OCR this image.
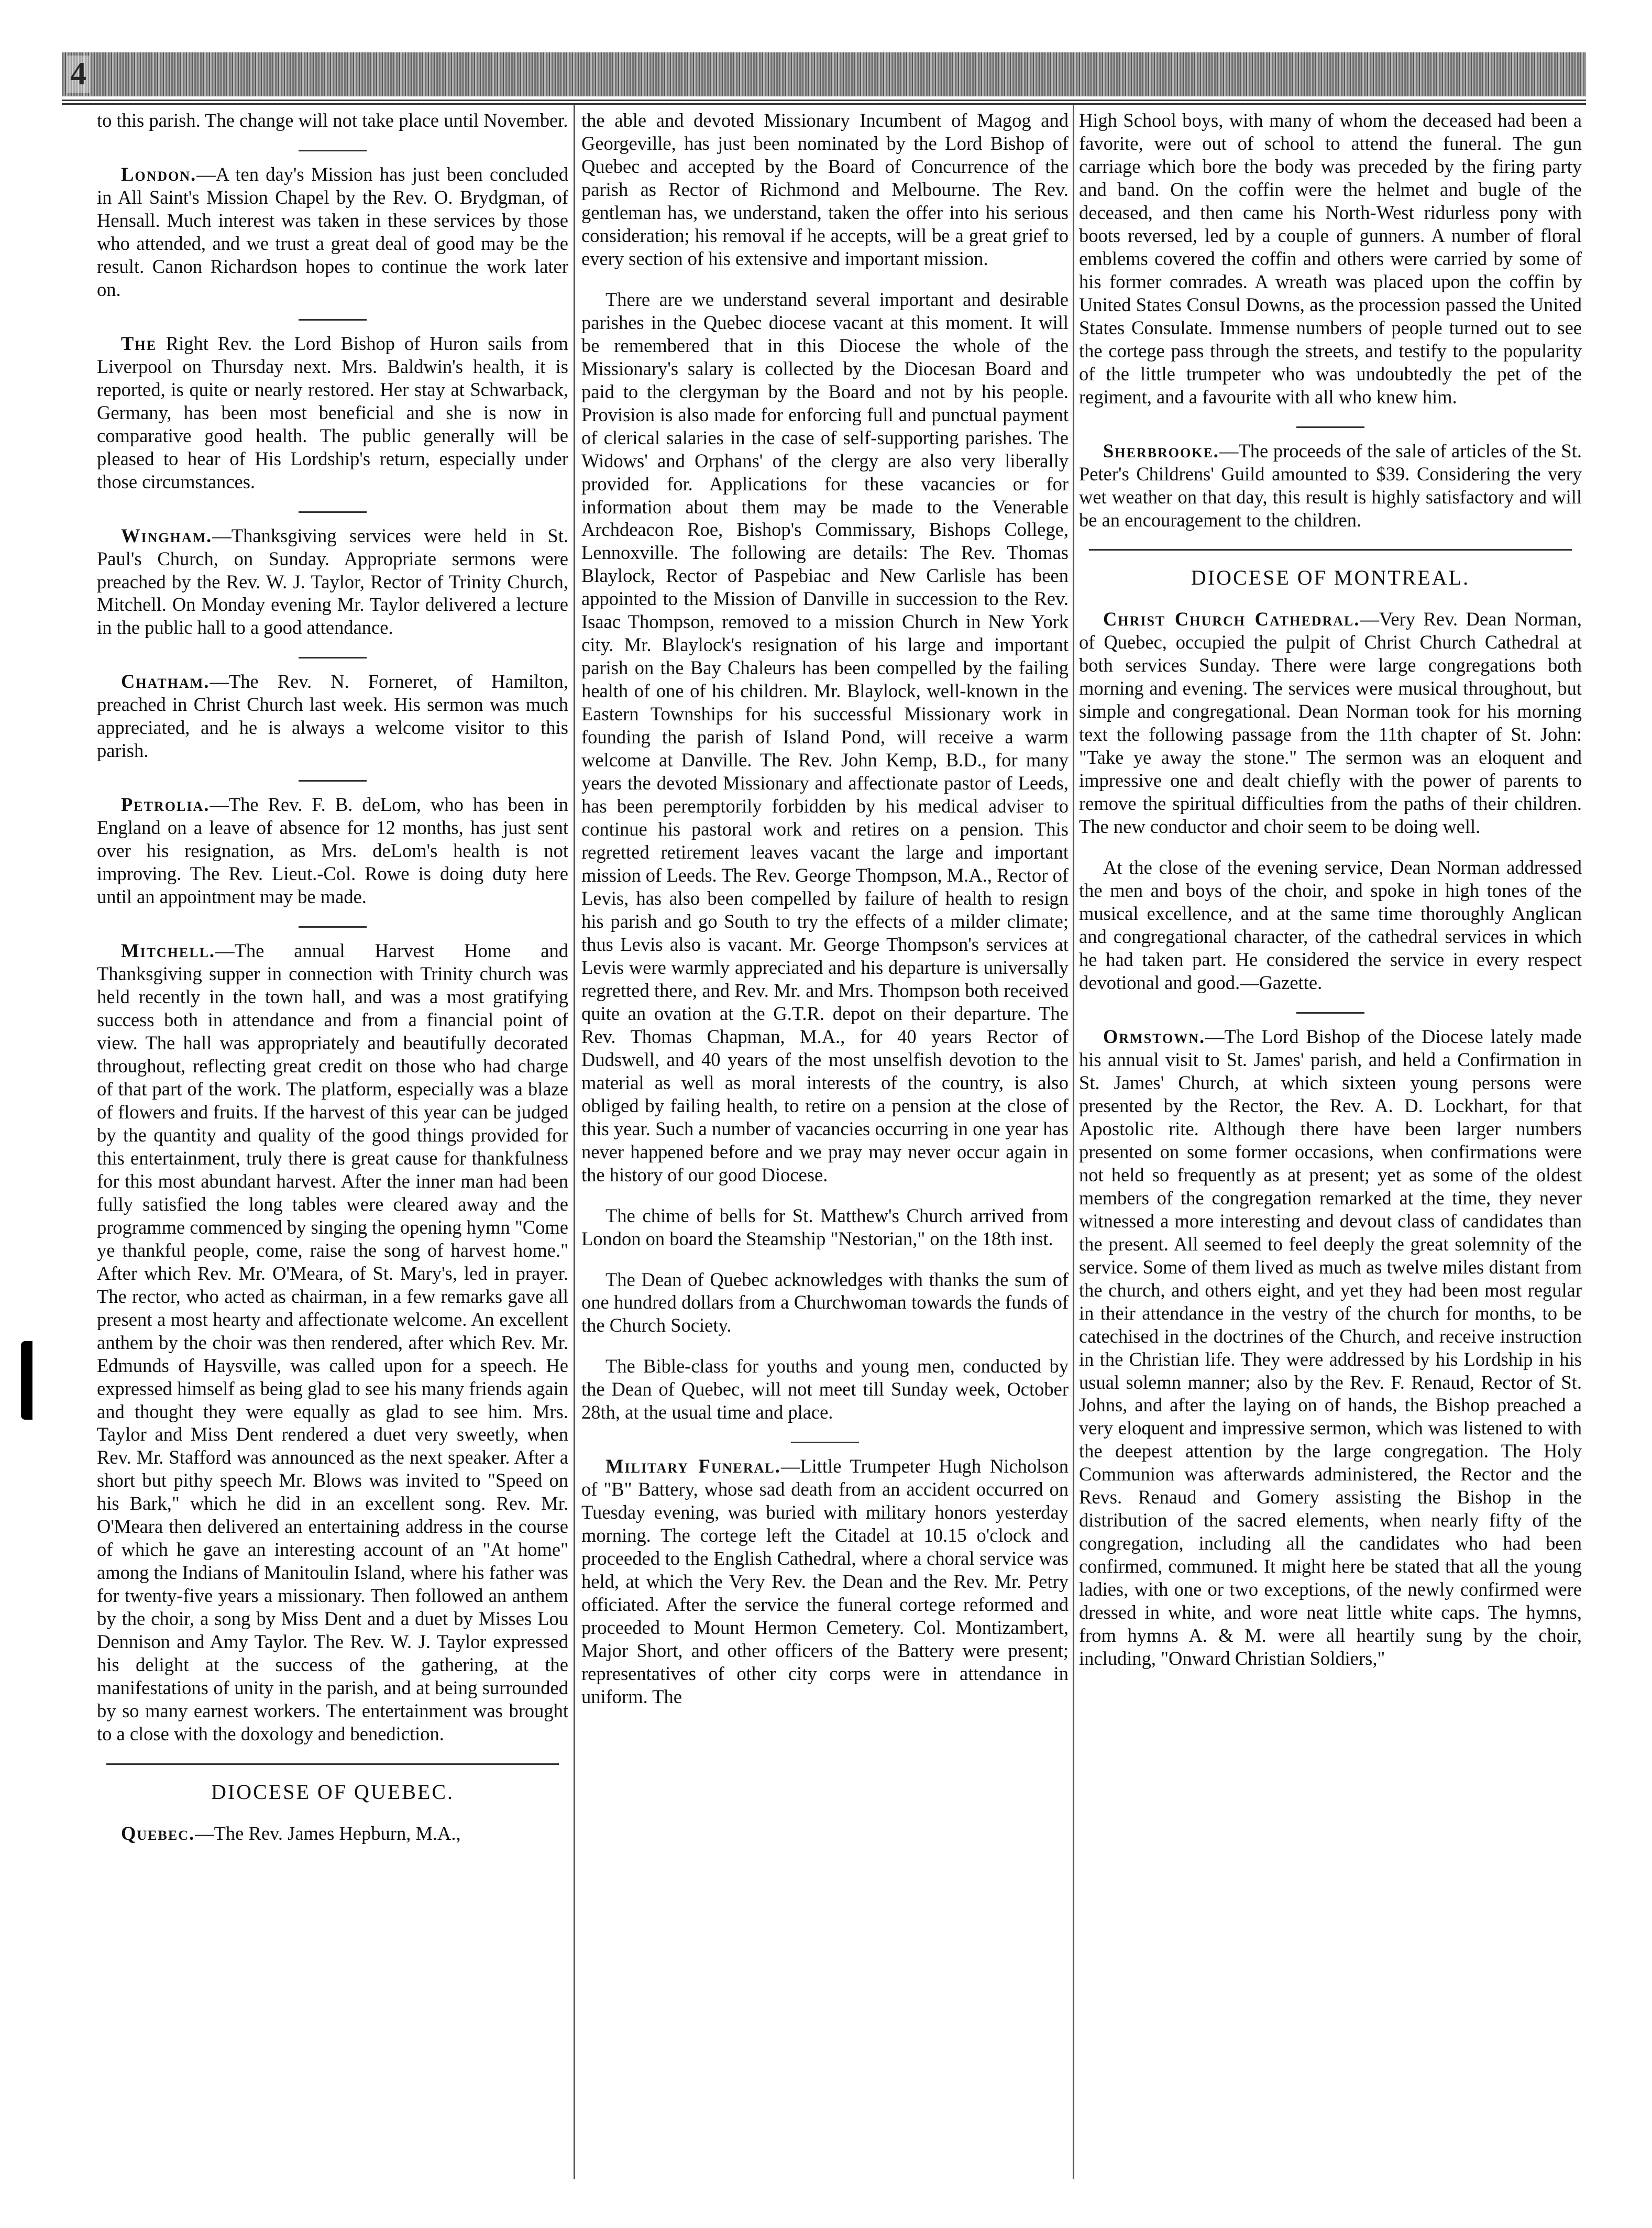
4

to this parish. The change will not take place until November.

London.—A ten day's Mission has just been concluded in All Saint's Mission Chapel by the Rev. O. Brydgman, of Hensall. Much interest was taken in these services by those who attended, and we trust a great deal of good may be the result. Canon Richardson hopes to continue the work later on.

The Right Rev. the Lord Bishop of Huron sails from Liverpool on Thursday next. Mrs. Baldwin's health, it is reported, is quite or nearly restored. Her stay at Schwarback, Germany, has been most beneficial and she is now in comparative good health. The public generally will be pleased to hear of His Lordship's return, especially under those circumstances.

Wingham.—Thanksgiving services were held in St. Paul's Church, on Sunday. Appropriate sermons were preached by the Rev. W. J. Taylor, Rector of Trinity Church, Mitchell. On Monday evening Mr. Taylor delivered a lecture in the public hall to a good attendance.

Chatham.—The Rev. N. Forneret, of Hamilton, preached in Christ Church last week. His sermon was much appreciated, and he is always a welcome visitor to this parish.

Petrolia.—The Rev. F. B. deLom, who has been in England on a leave of absence for 12 months, has just sent over his resignation, as Mrs. deLom's health is not improving. The Rev. Lieut.-Col. Rowe is doing duty here until an appointment may be made.

Mitchell.—The annual Harvest Home and Thanksgiving supper in connection with Trinity church was held recently in the town hall, and was a most gratifying success both in attendance and from a financial point of view. The hall was appropriately and beautifully decorated throughout, reflecting great credit on those who had charge of that part of the work. The platform, especially was a blaze of flowers and fruits. If the harvest of this year can be judged by the quantity and quality of the good things provided for this entertainment, truly there is great cause for thankfulness for this most abundant harvest. After the inner man had been fully satisfied the long tables were cleared away and the programme commenced by singing the opening hymn "Come ye thankful people, come, raise the song of harvest home." After which Rev. Mr. O'Meara, of St. Mary's, led in prayer. The rector, who acted as chairman, in a few remarks gave all present a most hearty and affectionate welcome. An excellent anthem by the choir was then rendered, after which Rev. Mr. Edmunds of Haysville, was called upon for a speech. He expressed himself as being glad to see his many friends again and thought they were equally as glad to see him. Mrs. Taylor and Miss Dent rendered a duet very sweetly, when Rev. Mr. Stafford was announced as the next speaker. After a short but pithy speech Mr. Blows was invited to "Speed on his Bark," which he did in an excellent song. Rev. Mr. O'Meara then delivered an entertaining address in the course of which he gave an interesting account of an "At home" among the Indians of Manitoulin Island, where his father was for twenty-five years a missionary. Then followed an anthem by the choir, a song by Miss Dent and a duet by Misses Lou Dennison and Amy Taylor. The Rev. W. J. Taylor expressed his delight at the success of the gathering, at the manifestations of unity in the parish, and at being surrounded by so many earnest workers. The entertainment was brought to a close with the doxology and benediction.

DIOCESE OF QUEBEC.

Quebec.—The Rev. James Hepburn, M.A.,

the able and devoted Missionary Incumbent of Magog and Georgeville, has just been nominated by the Lord Bishop of Quebec and accepted by the Board of Concurrence of the parish as Rector of Richmond and Melbourne. The Rev. gentleman has, we understand, taken the offer into his serious consideration; his removal if he accepts, will be a great grief to every section of his extensive and important mission.

There are we understand several important and desirable parishes in the Quebec diocese vacant at this moment. It will be remembered that in this Diocese the whole of the Missionary's salary is collected by the Diocesan Board and paid to the clergyman by the Board and not by his people. Provision is also made for enforcing full and punctual payment of clerical salaries in the case of self-supporting parishes. The Widows' and Orphans' of the clergy are also very liberally provided for. Applications for these vacancies or for information about them may be made to the Venerable Archdeacon Roe, Bishop's Commissary, Bishops College, Lennoxville. The following are details: The Rev. Thomas Blaylock, Rector of Paspebiac and New Carlisle has been appointed to the Mission of Danville in succession to the Rev. Isaac Thompson, removed to a mission Church in New York city. Mr. Blaylock's resignation of his large and important parish on the Bay Chaleurs has been compelled by the failing health of one of his children. Mr. Blaylock, well-known in the Eastern Townships for his successful Missionary work in founding the parish of Island Pond, will receive a warm welcome at Danville. The Rev. John Kemp, B.D., for many years the devoted Missionary and affectionate pastor of Leeds, has been peremptorily forbidden by his medical adviser to continue his pastoral work and retires on a pension. This regretted retirement leaves vacant the large and important mission of Leeds. The Rev. George Thompson, M.A., Rector of Levis, has also been compelled by failure of health to resign his parish and go South to try the effects of a milder climate; thus Levis also is vacant. Mr. George Thompson's services at Levis were warmly appreciated and his departure is universally regretted there, and Rev. Mr. and Mrs. Thompson both received quite an ovation at the G.T.R. depot on their departure. The Rev. Thomas Chapman, M.A., for 40 years Rector of Dudswell, and 40 years of the most unselfish devotion to the material as well as moral interests of the country, is also obliged by failing health, to retire on a pension at the close of this year. Such a number of vacancies occurring in one year has never happened before and we pray may never occur again in the history of our good Diocese.

The chime of bells for St. Matthew's Church arrived from London on board the Steamship "Nestorian," on the 18th inst.

The Dean of Quebec acknowledges with thanks the sum of one hundred dollars from a Churchwoman towards the funds of the Church Society.

The Bible-class for youths and young men, conducted by the Dean of Quebec, will not meet till Sunday week, October 28th, at the usual time and place.

Military Funeral.—Little Trumpeter Hugh Nicholson of "B" Battery, whose sad death from an accident occurred on Tuesday evening, was buried with military honors yesterday morning. The cortege left the Citadel at 10.15 o'clock and proceeded to the English Cathedral, where a choral service was held, at which the Very Rev. the Dean and the Rev. Mr. Petry officiated. After the service the funeral cortege reformed and proceeded to Mount Hermon Cemetery. Col. Montizambert, Major Short, and other officers of the Battery were present; representatives of other city corps were in attendance in uniform. The

High School boys, with many of whom the deceased had been a favorite, were out of school to attend the funeral. The gun carriage which bore the body was preceded by the firing party and band. On the coffin were the helmet and bugle of the deceased, and then came his North-West ridurless pony with boots reversed, led by a couple of gunners. A number of floral emblems covered the coffin and others were carried by some of his former comrades. A wreath was placed upon the coffin by United States Consul Downs, as the procession passed the United States Consulate. Immense numbers of people turned out to see the cortege pass through the streets, and testify to the popularity of the little trumpeter who was undoubtedly the pet of the regiment, and a favourite with all who knew him.

Sherbrooke.—The proceeds of the sale of articles of the St. Peter's Childrens' Guild amounted to $39. Considering the very wet weather on that day, this result is highly satisfactory and will be an encouragement to the children.

DIOCESE OF MONTREAL.

Christ Church Cathedral.—Very Rev. Dean Norman, of Quebec, occupied the pulpit of Christ Church Cathedral at both services Sunday. There were large congregations both morning and evening. The services were musical throughout, but simple and congregational. Dean Norman took for his morning text the following passage from the 11th chapter of St. John: "Take ye away the stone." The sermon was an eloquent and impressive one and dealt chiefly with the power of parents to remove the spiritual difficulties from the paths of their children. The new conductor and choir seem to be doing well.

At the close of the evening service, Dean Norman addressed the men and boys of the choir, and spoke in high tones of the musical excellence, and at the same time thoroughly Anglican and congregational character, of the cathedral services in which he had taken part. He considered the service in every respect devotional and good.—Gazette.

Ormstown.—The Lord Bishop of the Diocese lately made his annual visit to St. James' parish, and held a Confirmation in St. James' Church, at which sixteen young persons were presented by the Rector, the Rev. A. D. Lockhart, for that Apostolic rite. Although there have been larger numbers presented on some former occasions, when confirmations were not held so frequently as at present; yet as some of the oldest members of the congregation remarked at the time, they never witnessed a more interesting and devout class of candidates than the present. All seemed to feel deeply the great solemnity of the service. Some of them lived as much as twelve miles distant from the church, and others eight, and yet they had been most regular in their attendance in the vestry of the church for months, to be catechised in the doctrines of the Church, and receive instruction in the Christian life. They were addressed by his Lordship in his usual solemn manner; also by the Rev. F. Renaud, Rector of St. Johns, and after the laying on of hands, the Bishop preached a very eloquent and impressive sermon, which was listened to with the deepest attention by the large congregation. The Holy Communion was afterwards administered, the Rector and the Revs. Renaud and Gomery assisting the Bishop in the distribution of the sacred elements, when nearly fifty of the congregation, including all the candidates who had been confirmed, communed. It might here be stated that all the young ladies, with one or two exceptions, of the newly confirmed were dressed in white, and wore neat little white caps. The hymns, from hymns A. & M. were all heartily sung by the choir, including, "Onward Christian Soldiers,"
